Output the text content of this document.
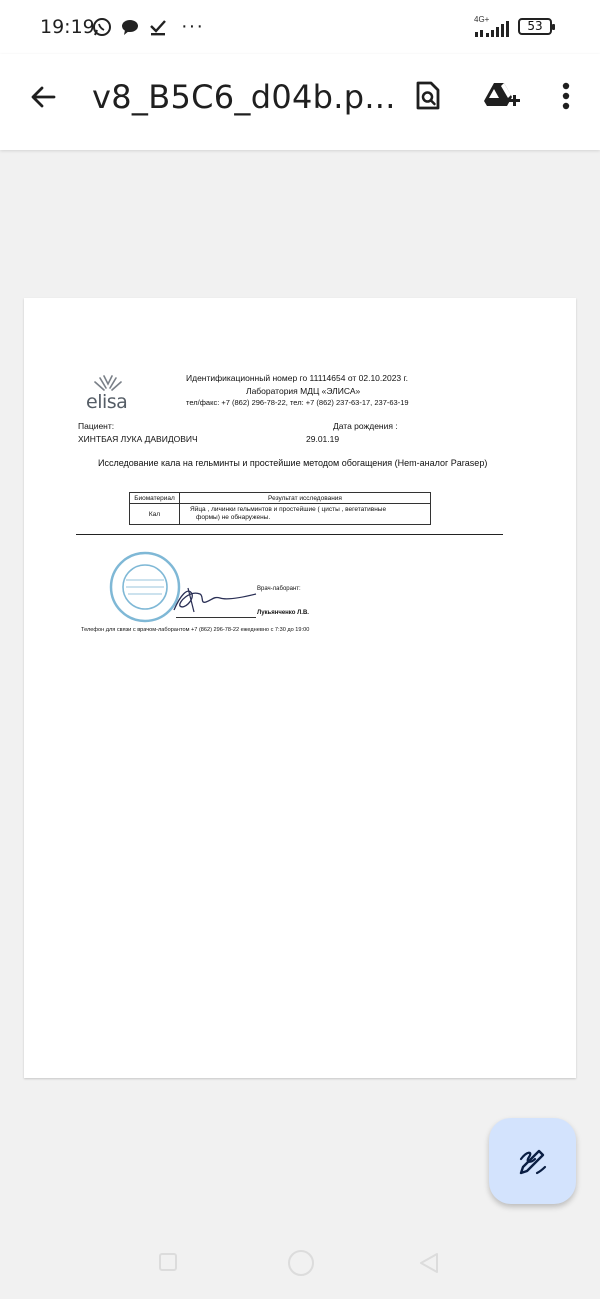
19:19	···	4G+	53
v8_B5C6_d04b.p...
elisa
Идентификационный номер го 11114654 от 02.10.2023 г.
Лаборатория МДЦ «ЭЛИСА»
тел/факс: +7 (862) 296-78-22, тел: +7 (862) 237-63-17, 237-63-19
Пациент:	Дата рождения :
ХИНТБАЯ ЛУКА ДАВИДОВИЧ	29.01.19
Исследование кала на гельминты и простейшие методом обогащения (Hem-аналог Parasep)
Биоматериал	Результат исследования
Кал	Яйца , личинки гельминтов и простейшие ( цисты , вегетативные
формы) не обнаружены.
Врач-лаборант:
Лукьянченко Л.В.
Телефон для связи с врачом-лаборантом +7 (862) 296-78-22 ежедневно с 7:30 до 19:00
